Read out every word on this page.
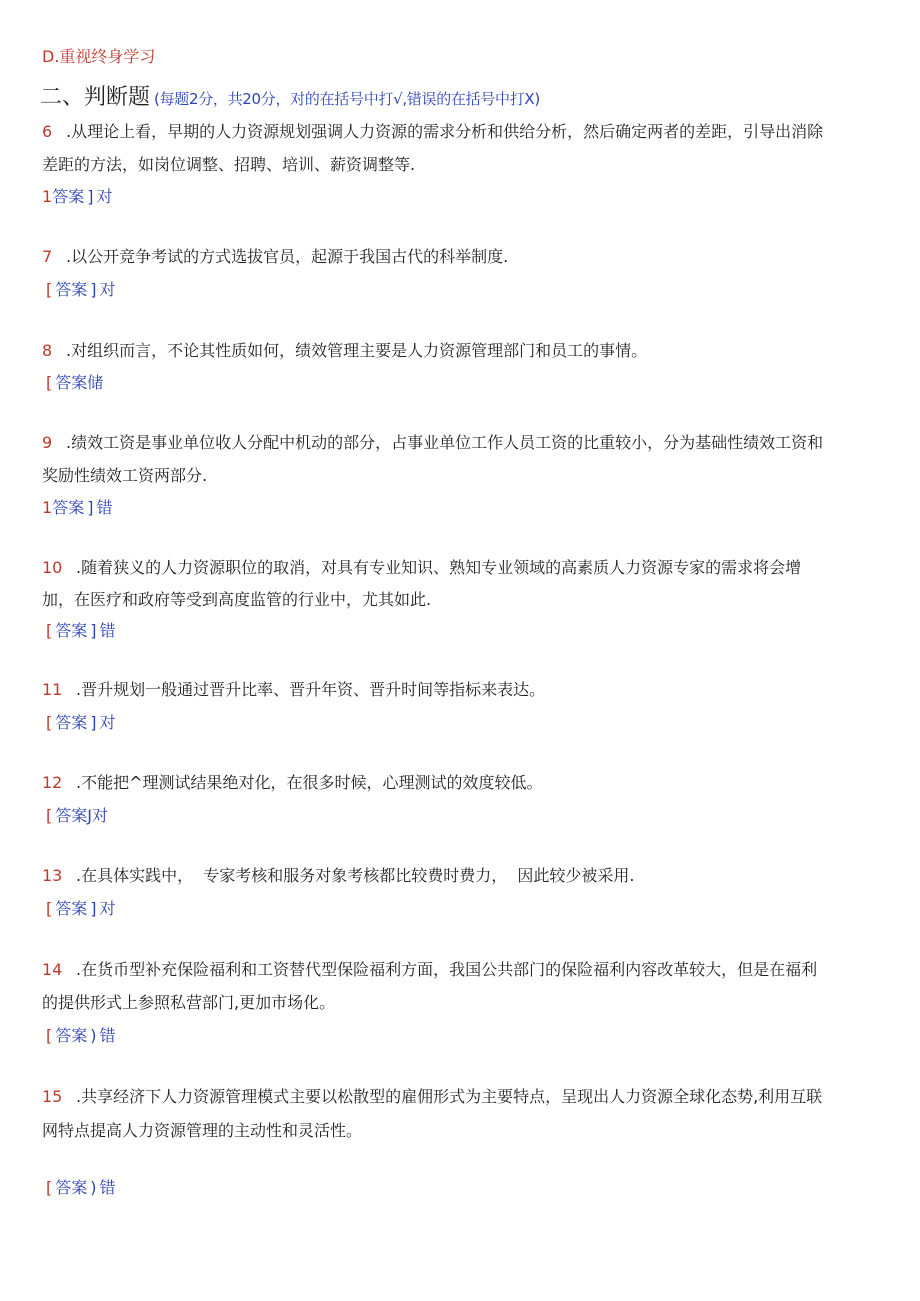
D.重视终身学习
二、判断题 (每题2分，共20分，对的在括号中打√,错误的在括号中打X)
6 .从理论上看，早期的人力资源规划强调人力资源的需求分析和供给分析，然后确定两者的差距，引导出消除
差距的方法，如岗位调整、招聘、培训、薪资调整等.
1答案 ] 对
7 .以公开竞争考试的方式选拔官员，起源于我国古代的科举制度.
[ 答案 ] 对
8 .对组织而言，不论其性质如何，绩效管理主要是人力资源管理部门和员工的事情。
[ 答案储
9 .绩效工资是事业单位收人分配中机动的部分，占事业单位工作人员工资的比重较小，分为基础性绩效工资和
奖励性绩效工资两部分.
1答案 ] 错
10 .随着狭义的人力资源职位的取消，对具有专业知识、熟知专业领域的高素质人力资源专家的需求将会增
加，在医疗和政府等受到高度监管的行业中，尤其如此.
[ 答案 ] 错
11 .晋升规划一般通过晋升比率、晋升年资、晋升时间等指标来表达。
[ 答案 ] 对
12 .不能把^理测试结果绝对化，在很多时候，心理测试的效度较低。
[ 答案J对
13 .在具体实践中，  专家考核和服务对象考核都比较费时费力，  因此较少被采用.
[ 答案 ] 对
14 .在货币型补充保险福利和工资替代型保险福利方面，我国公共部门的保险福利内容改革较大，但是在福利
的提供形式上参照私营部门,更加市场化。
[ 答案 ) 错
15 .共享经济下人力资源管理模式主要以松散型的雇佣形式为主要特点，呈现出人力资源全球化态势,利用互联
网特点提高人力资源管理的主动性和灵活性。
[ 答案 ) 错
